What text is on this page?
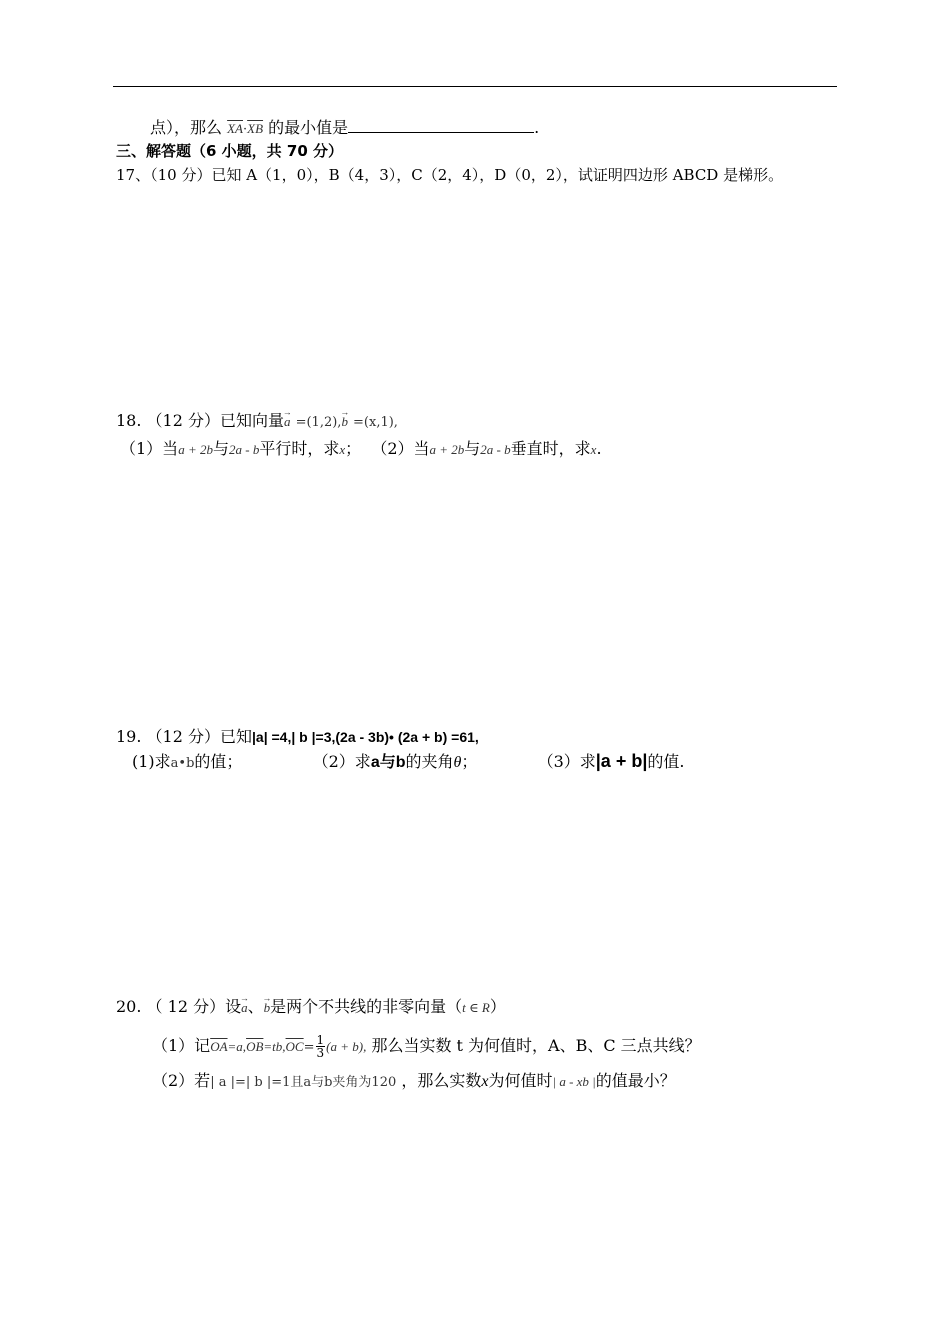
点），那么 $\overline{XA}\cdot\overline{XB}$ 的最小值是	.
三、解答题（6 小题，共 70 分）
17、（10 分）已知 A（1，0），B（4，3），C（2，4），D（0，2），试证明四边形 ABCD 是梯形。
18. （12 分）已知向量→ a =(1,2),→ b =(x,1),
（1）当a + 2b与2a - b平行时，求x； （2）当a + 2b与2a - b垂直时，求x.
19. （12 分）已知|a| =4,| b |=3,(2a - 3b)• (2a + b) =61,
(1)求a•b的值；	（2）求a与b的夹角θ；	（3）求|a + b|的值.
20. （ 12 分）设→ a、→ b是两个不共线的非零向量（t ∈ R）
（1）记$\overline{OA}=a,\overline{OB}=tb,\overline{OC}= \frac{1}{3} (a + b)$, 那么当实数 t 为何值时，A、B、C 三点共线？
（2）若| a |=| b |=1且a与b夹角为120 ，那么实数x为何值时| a - xb |的值最小？
